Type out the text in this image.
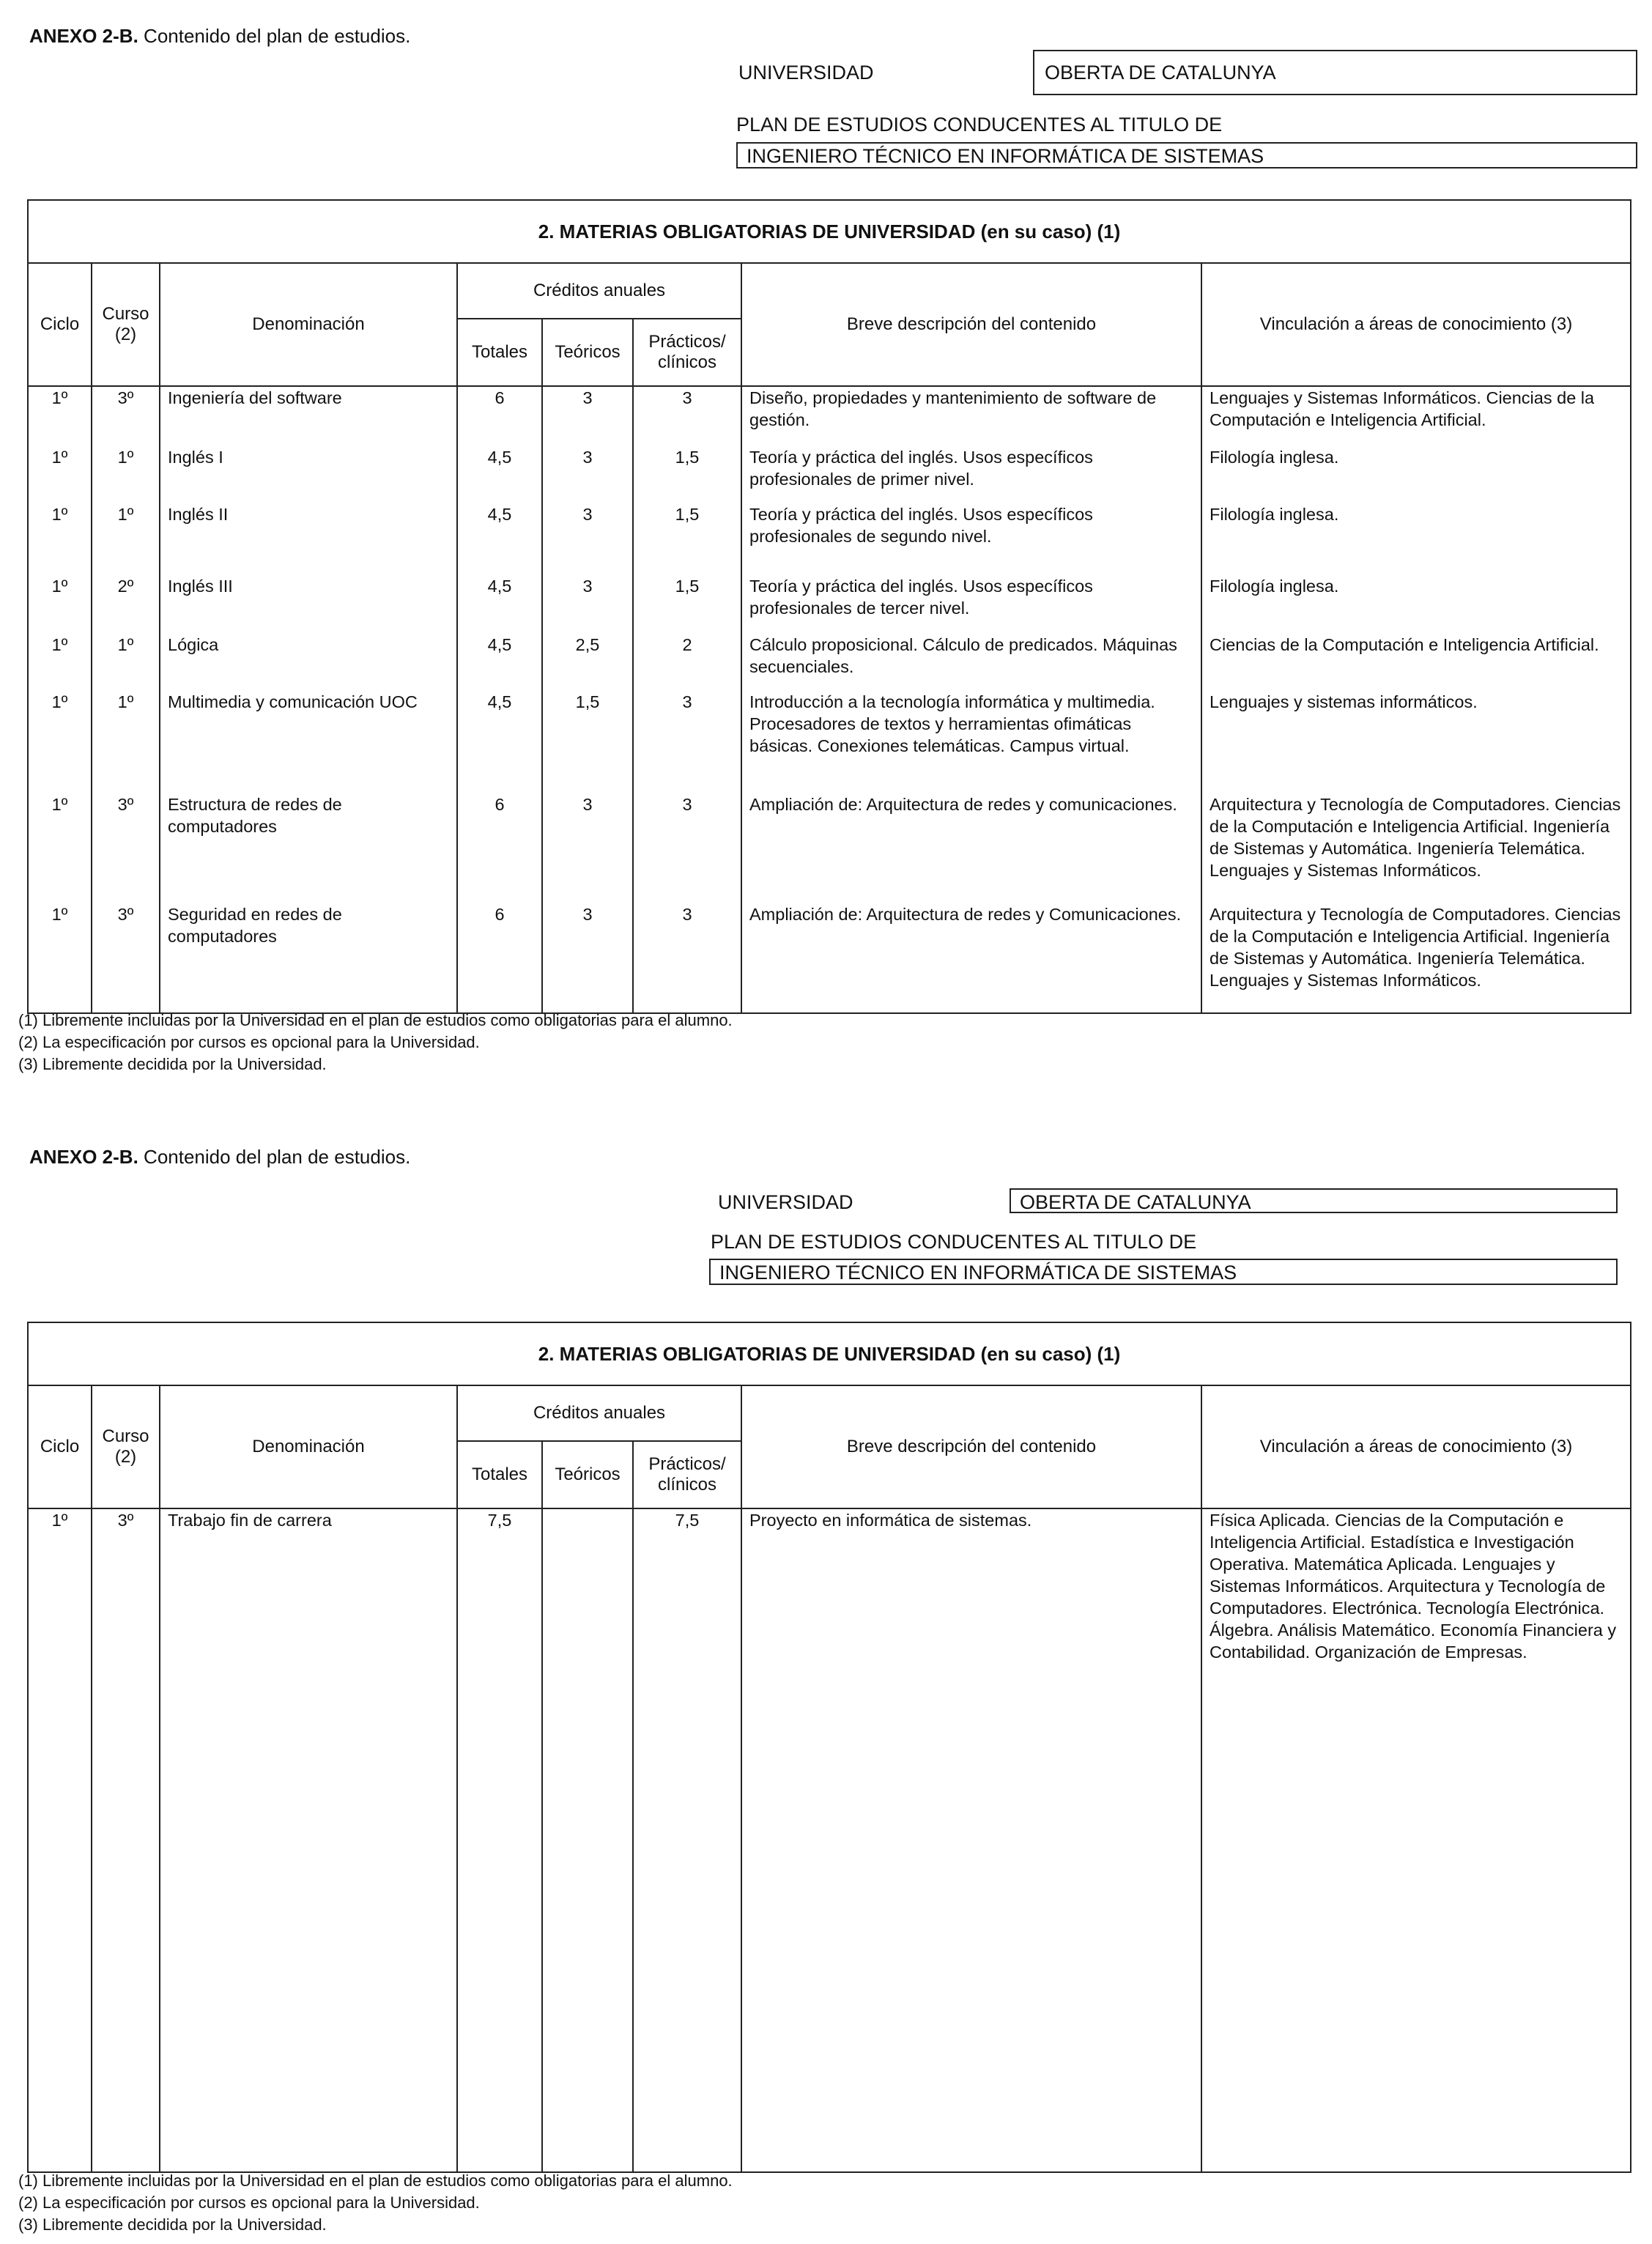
ANEXO 2-B. Contenido del plan de estudios.
UNIVERSIDAD	OBERTA DE CATALUNYA
PLAN DE ESTUDIOS CONDUCENTES AL TITULO DE
INGENIERO TÉCNICO EN INFORMÁTICA DE SISTEMAS
2. MATERIAS OBLIGATORIAS DE UNIVERSIDAD (en su caso) (1)							
Ciclo	Curso (2)	Denominación	Créditos anuales			Breve descripción del contenido	Vinculación a áreas de conocimiento (3)
			Totales	Teóricos	Prácticos/ clínicos		
1º	3º	Ingeniería del software	6	3	3	Diseño, propiedades y mantenimiento de software de gestión.	Lenguajes y Sistemas Informáticos. Ciencias de la Computación e Inteligencia Artificial.
1º	1º	Inglés I	4,5	3	1,5	Teoría y práctica del inglés. Usos específicos profesionales de primer nivel.	Filología inglesa.
1º	1º	Inglés II	4,5	3	1,5	Teoría y práctica del inglés. Usos específicos profesionales de segundo nivel.	Filología inglesa.
1º	2º	Inglés III	4,5	3	1,5	Teoría y práctica del inglés. Usos específicos profesionales de tercer nivel.	Filología inglesa.
1º	1º	Lógica	4,5	2,5	2	Cálculo proposicional. Cálculo de predicados. Máquinas secuenciales.	Ciencias de la Computación e Inteligencia Artificial.
1º	1º	Multimedia y comunicación UOC	4,5	1,5	3	Introducción a la tecnología informática y multimedia. Procesadores de textos y herramientas ofimáticas básicas. Conexiones telemáticas. Campus virtual.	Lenguajes y sistemas informáticos.
1º	3º	Estructura de redes de computadores	6	3	3	Ampliación de: Arquitectura de redes y comunicaciones.	Arquitectura y Tecnología de Computadores. Ciencias de la Computación e Inteligencia Artificial. Ingeniería de Sistemas y Automática. Ingeniería Telemática. Lenguajes y Sistemas Informáticos.
1º	3º	Seguridad en redes de computadores	6	3	3	Ampliación de: Arquitectura de redes y Comunicaciones.	Arquitectura y Tecnología de Computadores. Ciencias de la Computación e Inteligencia Artificial. Ingeniería de Sistemas y Automática. Ingeniería Telemática. Lenguajes y Sistemas Informáticos.
(1) Libremente incluidas por la Universidad en el plan de estudios como obligatorias para el alumno.
(2) La especificación por cursos es opcional para la Universidad.
(3) Libremente decidida por la Universidad.
ANEXO 2-B. Contenido del plan de estudios.
UNIVERSIDAD	OBERTA DE CATALUNYA
PLAN DE ESTUDIOS CONDUCENTES AL TITULO DE
INGENIERO TÉCNICO EN INFORMÁTICA DE SISTEMAS
2. MATERIAS OBLIGATORIAS DE UNIVERSIDAD (en su caso) (1)							
Ciclo	Curso (2)	Denominación	Créditos anuales			Breve descripción del contenido	Vinculación a áreas de conocimiento (3)
			Totales	Teóricos	Prácticos/ clínicos		
1º	3º	Trabajo fin de carrera	7,5		7,5	Proyecto en informática de sistemas.	Física Aplicada. Ciencias de la Computación e Inteligencia Artificial. Estadística e Investigación Operativa. Matemática Aplicada. Lenguajes y Sistemas Informáticos. Arquitectura y Tecnología de Computadores. Electrónica. Tecnología Electrónica. Álgebra. Análisis Matemático. Economía Financiera y Contabilidad. Organización de Empresas.
(1) Libremente incluidas por la Universidad en el plan de estudios como obligatorias para el alumno.
(2) La especificación por cursos es opcional para la Universidad.
(3) Libremente decidida por la Universidad.
